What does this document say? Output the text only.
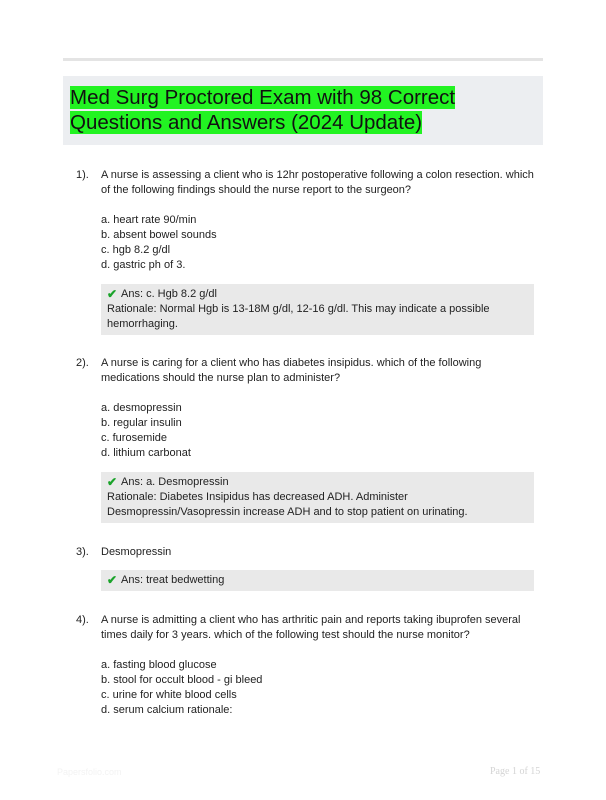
Med Surg Proctored Exam with 98 Correct
Questions and Answers (2024 Update)
1). A nurse is assessing a client who is 12hr postoperative following a colon resection. which of the following findings should the nurse report to the surgeon?

a. heart rate 90/min
b. absent bowel sounds
c. hgb 8.2 g/dl
d. gastric ph of 3.
✔ Ans: c. Hgb 8.2 g/dl

Rationale: Normal Hgb is 13-18M g/dl, 12-16 g/dl. This may indicate a possible hemorrhaging.

2). A nurse is caring for a client who has diabetes insipidus. which of the following medications should the nurse plan to administer?

a. desmopressin
b. regular insulin
c. furosemide
d. lithium carbonat
✔ Ans: a. Desmopressin

Rationale: Diabetes Insipidus has decreased ADH. Administer Desmopressin/Vasopressin increase ADH and to stop patient on urinating.

3). Desmopressin

✔ Ans: treat bedwetting
4). A nurse is admitting a client who has arthritic pain and reports taking ibuprofen several times daily for 3 years. which of the following test should the nurse monitor?

a. fasting blood glucose
b. stool for occult blood - gi bleed
c. urine for white blood cells
d. serum calcium rationale:
Papersfolio.com	Page 1 of 15
